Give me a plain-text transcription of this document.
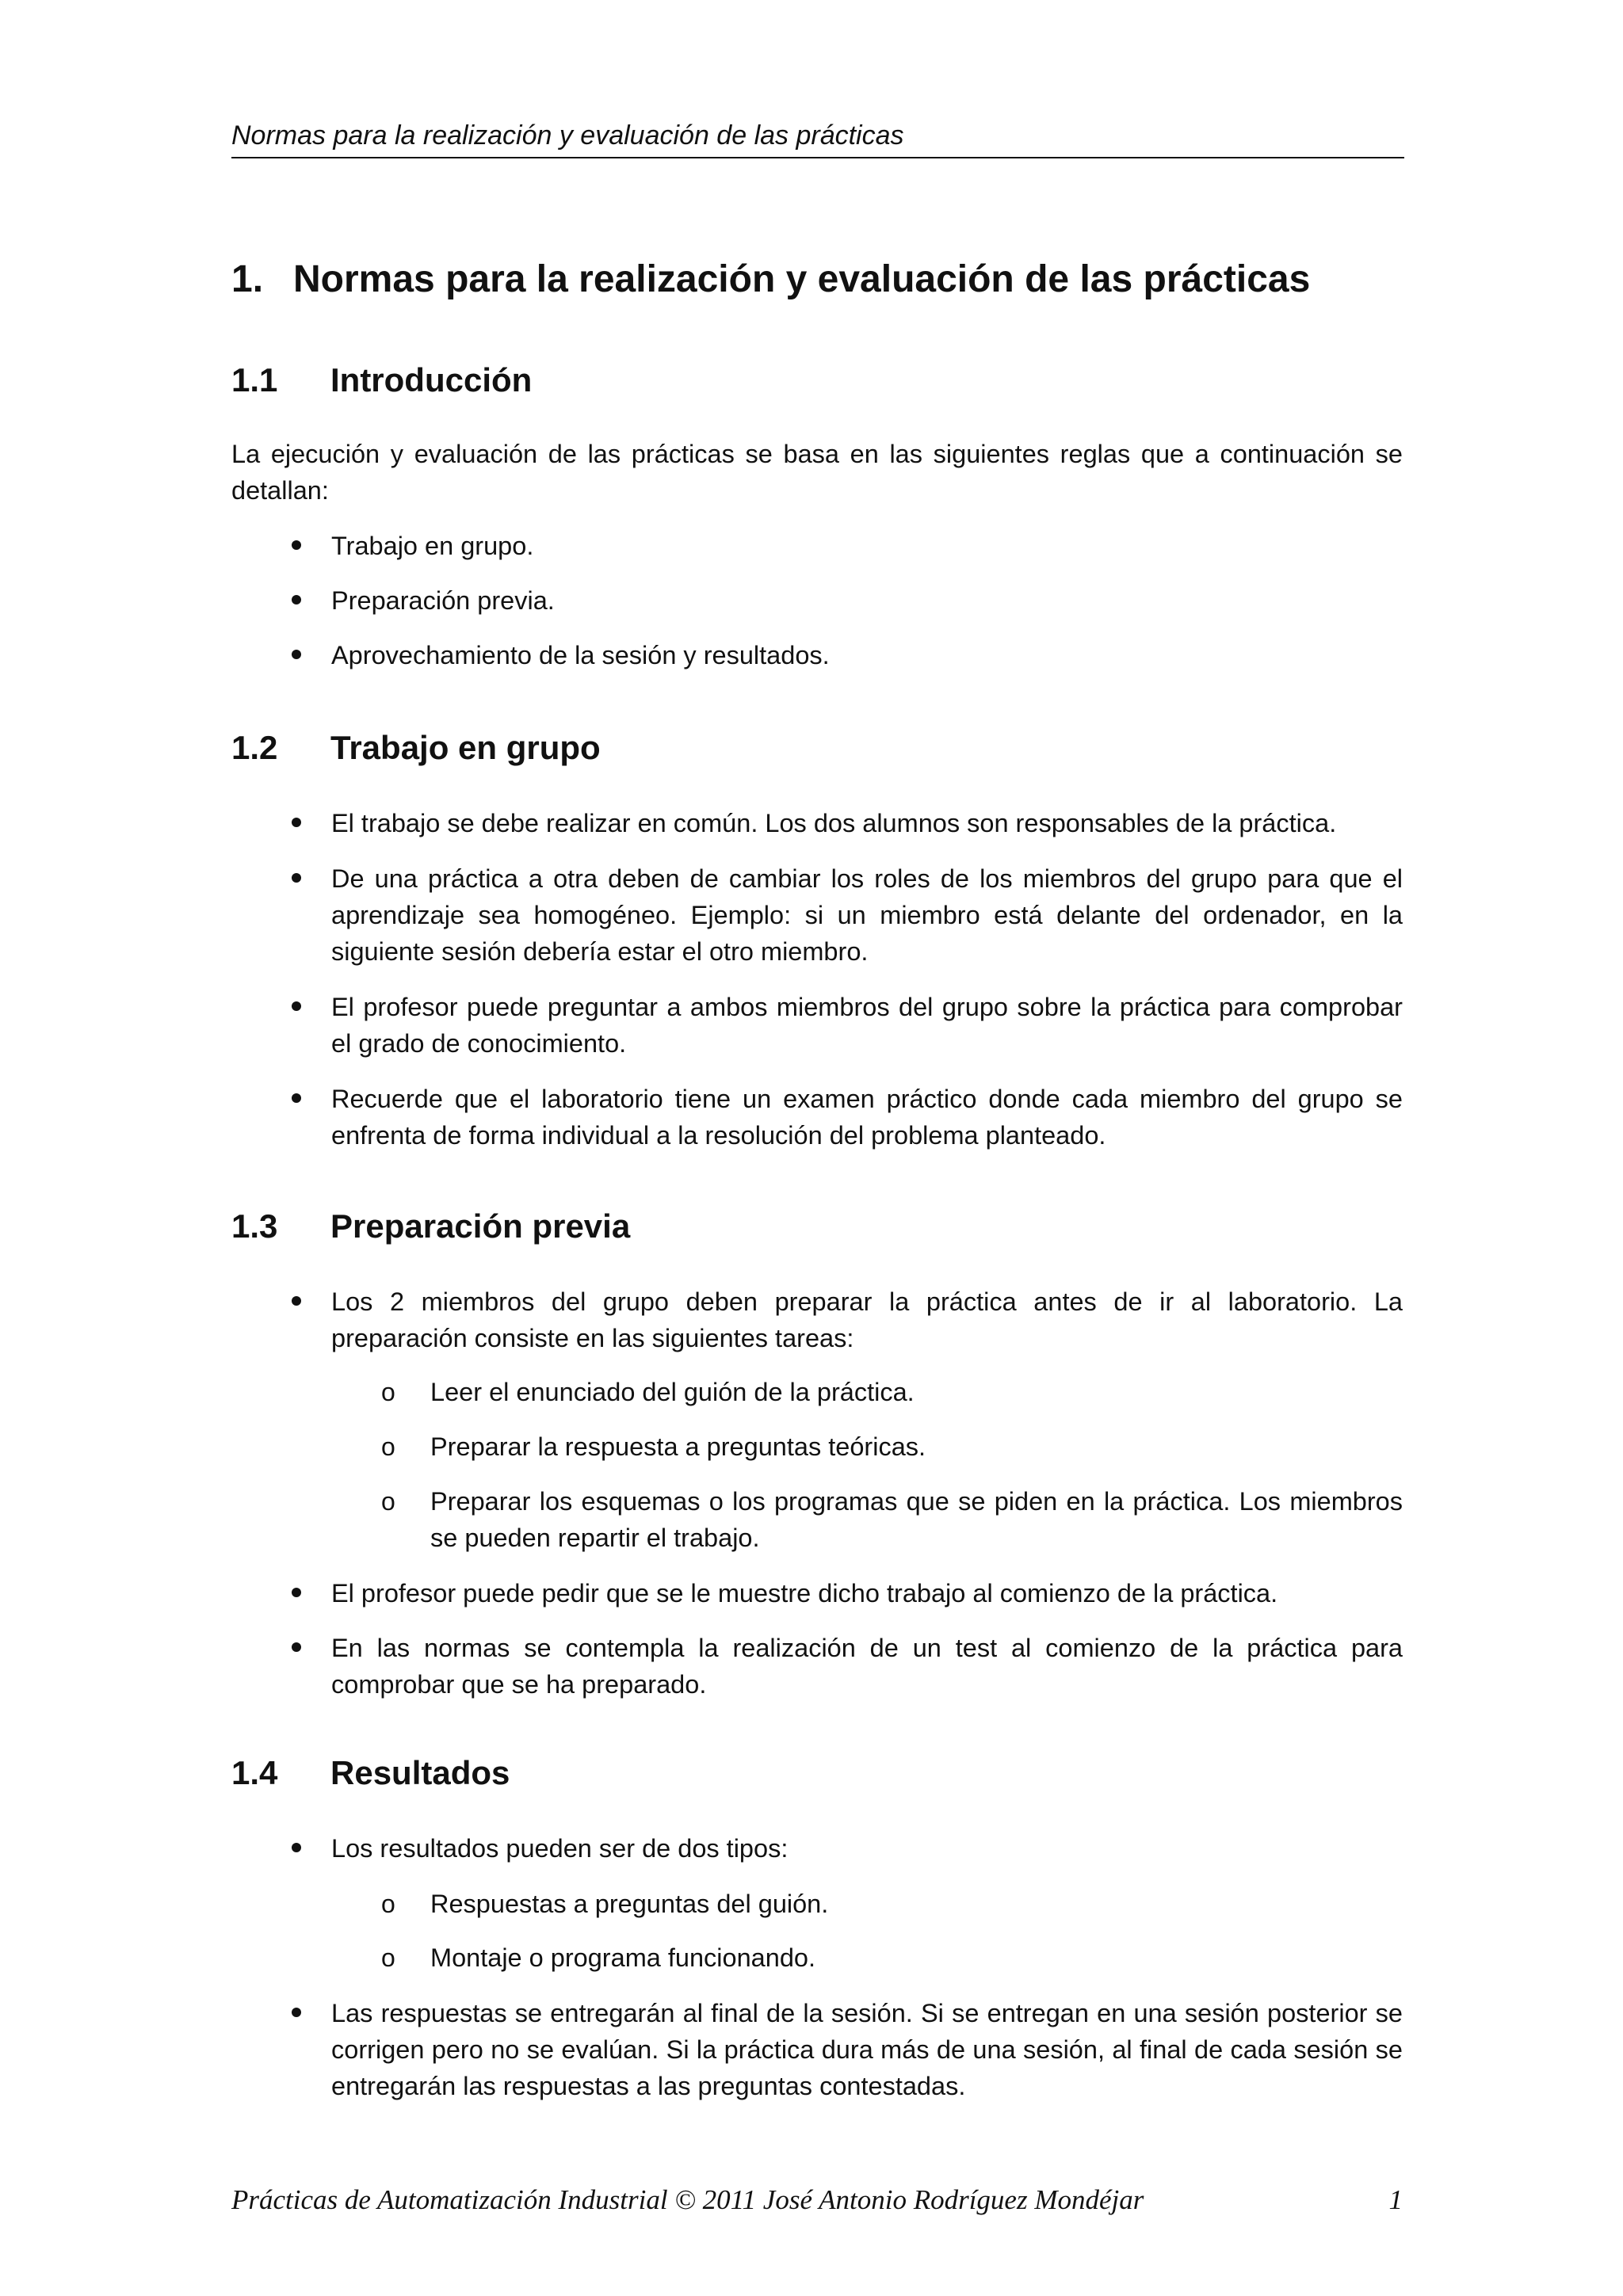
Normas para la realización y evaluación de las prácticas
1. Normas para la realización y evaluación de las prácticas
1.1 Introducción
La ejecución y evaluación de las prácticas se basa en las siguientes reglas que a continuación se detallan:
Trabajo en grupo.
Preparación previa.
Aprovechamiento de la sesión y resultados.
1.2 Trabajo en grupo
El trabajo se debe realizar en común. Los dos alumnos son responsables de la práctica.
De una práctica a otra deben de cambiar los roles de los miembros del grupo para que el aprendizaje sea homogéneo. Ejemplo: si un miembro está delante del ordenador, en la siguiente sesión debería estar el otro miembro.
El profesor puede preguntar a ambos miembros del grupo sobre la práctica para comprobar el grado de conocimiento.
Recuerde que el laboratorio tiene un examen práctico donde cada miembro del grupo se enfrenta de forma individual a la resolución del problema planteado.
1.3 Preparación previa
Los 2 miembros del grupo deben preparar la práctica antes de ir al laboratorio. La preparación consiste en las siguientes tareas:
o Leer el enunciado del guión de la práctica.
o Preparar la respuesta a preguntas teóricas.
o Preparar los esquemas o los programas que se piden en la práctica. Los miembros se pueden repartir el trabajo.
El profesor puede pedir que se le muestre dicho trabajo al comienzo de la práctica.
En las normas se contempla la realización de un test al comienzo de la práctica para comprobar que se ha preparado.
1.4 Resultados
Los resultados pueden ser de dos tipos:
o Respuestas a preguntas del guión.
o Montaje o programa funcionando.
Las respuestas se entregarán al final de la sesión. Si se entregan en una sesión posterior se corrigen pero no se evalúan. Si la práctica dura más de una sesión, al final de cada sesión se entregarán las respuestas a las preguntas contestadas.
Prácticas de Automatización Industrial © 2011 José Antonio Rodríguez Mondéjar	1
